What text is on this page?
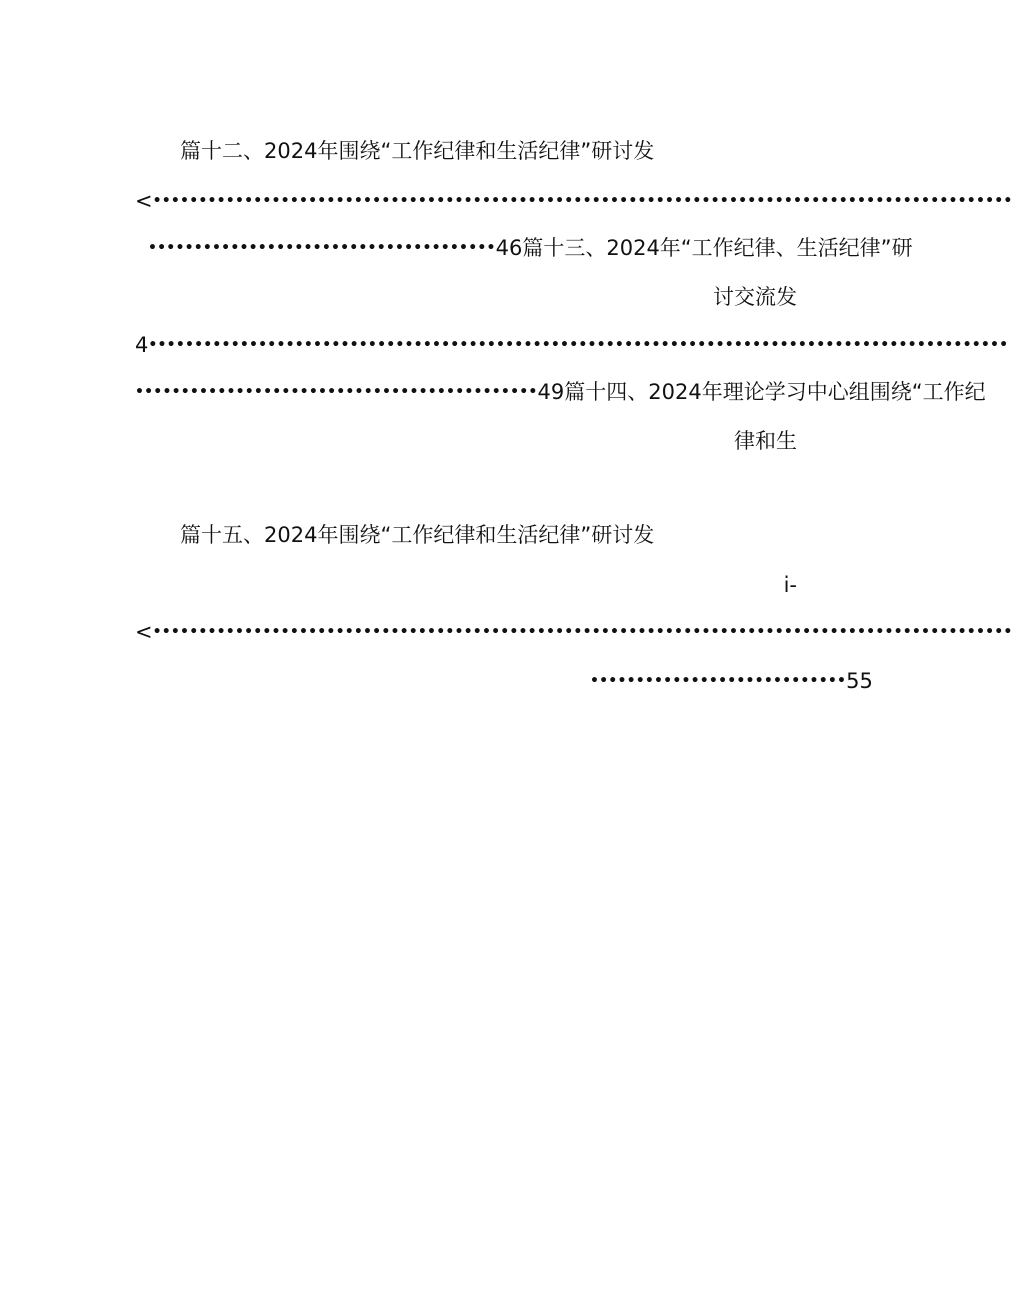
篇十二、2024年围绕“工作纪律和生活纪律”研讨发
< ••••••••••••••••••••••••••••••••••••••••••••••••••••••••••••••••••••••••••••••••••••••••••••••
•••••••••••••••••••••••••••••••••••••• 46篇十三、2024年“工作纪律、生活纪律”研
讨交流发
4 ••••••••••••••••••••••••••••••••••••••••••••••••••••••••••••••••••••••••••••••••••••••••••••••
•••••••••••••••••••••••••••••••••••••••••••• 49篇十四、2024年理论学习中心组围绕“工作纪
律和生
篇十五、2024年围绕“工作纪律和生活纪律”研讨发
i-
< ••••••••••••••••••••••••••••••••••••••••••••••••••••••••••••••••••••••••••••••••••••••••••••••
•••••••••••••••••••••••••••• 55
